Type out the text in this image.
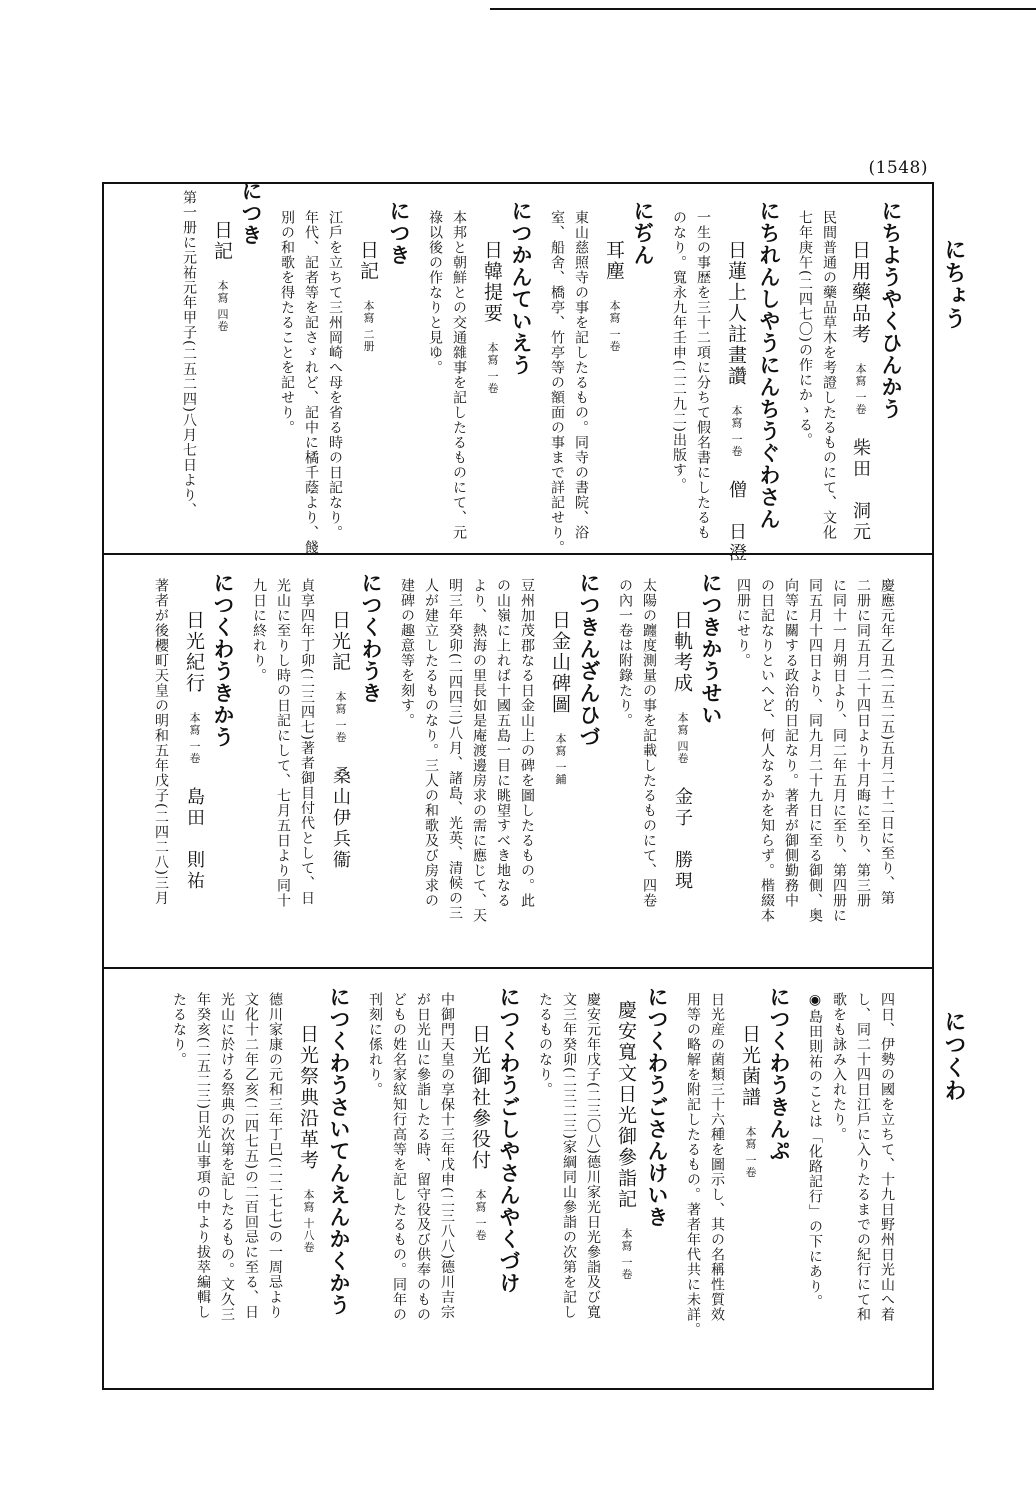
(1548)
にちょう
にちようやくひんかう
日用藥品考本寫 一卷柴田　洞元
民間普通の藥品草木を考證したるものにて、文化
七年庚午(二四七〇)の作にかゝる。
にちれんしやうにんちうぐわさん
日蓮上人註畫讚本寫 一卷僧　日澄
一生の事歴を三十二項に分ちて假名書にしたるも
のなり。寬永九年壬申(二二九二)出版す。
にぢん
耳塵本寫 一卷
東山慈照寺の事を記したるもの。同寺の書院、浴
室、船舍、橋亭、竹亭等の額面の事まで詳記せり。
につかんていえう
日韓提要本寫 一卷
本邦と朝鮮との交通雜事を記したるものにて、元
祿以後の作なりと見ゆ。
につき
日記本寫 二册
江戶を立ちて三州岡崎へ母を省る時の日記なり。
年代、記者等を記さゞれど、記中に橘千蔭より、餞
別の和歌を得たることを記せり。
につき
日記本寫 四卷
第一册に元祐元年甲子(二五二四)八月七日より、
慶應元年乙丑(二五二五)五月二十二日に至り、第
二册に同五月二十四日より十月晦に至り、第三册
に同十一月朔日より、同二年五月に至り、第四册に
同五月十四日より、同九月二十九日に至る御側、奥
向等に關する政治的日記なり。著者が御側勤務中
の日記なりといへど、何人なるかを知らず。楷綴本
四册にせり。
につきかうせい
日軌考成本寫 四卷金子　勝現
太陽の躔度測量の事を記載したるものにて、四卷
の內一卷は附錄たり。
につきんざんひづ
日金山碑圖本寫 一鋪
豆州加茂郡なる日金山上の碑を圖したるもの。此
の山嶺に上れば十國五島一目に眺望すべき地なる
より、熱海の里長如是庵渡邊房求の需に應じて、天
明三年癸卯(二四四三)八月、諸島、光英、清候の三
人が建立したるものなり。三人の和歌及び房求の
建碑の趣意等を刻す。
につくわうき
日光記本寫 一卷桑山伊兵衞
貞享四年丁卯(二三四七)著者御目付代として、日
光山に至りし時の日記にして、七月五日より同十
九日に終れり。
につくわうきかう
日光紀行本寫 一卷島田　則祐
著者が後櫻町天皇の明和五年戊子(二四二八)三月
につくわ
四日、伊勢の國を立ちて、十九日野州日光山へ着
し、同二十四日江戶に入りたるまでの紀行にて和
歌をも詠み入れたり。
◉島田則祐のことは「化路記行」の下にあり。
につくわうきんぷ
日光菌譜本寫 一卷
日光産の菌類三十六種を圖示し、其の名稱性質效
用等の略解を附記したるもの。著者年代共に未詳。
につくわうごさんけいき
慶安寬文日光御參詣記本寫 一卷
慶安元年戊子(二三〇八)德川家光日光參詣及び寬
文三年癸卯(二三二三)家綱同山參詣の次第を記し
たるものなり。
につくわうごしやさんやくづけ
日光御社參役付本寫 一卷
中御門天皇の享保十三年戊申(二三八八)德川吉宗
が日光山に參詣したる時、留守役及び供奉のもの
どもの姓名家紋知行高等を記したるもの。同年の
刊刻に係れり。
につくわうさいてんえんかくかう
日光祭典沿革考本寫 十八卷
德川家康の元和三年丁巳(二二七七)の一周忌より
文化十二年乙亥(二四七五)の二百回忌に至る、日
光山に於ける祭典の次第を記したるもの。文久三
年癸亥(二五二三)日光山事項の中より拔萃編輯し
たるなり。
